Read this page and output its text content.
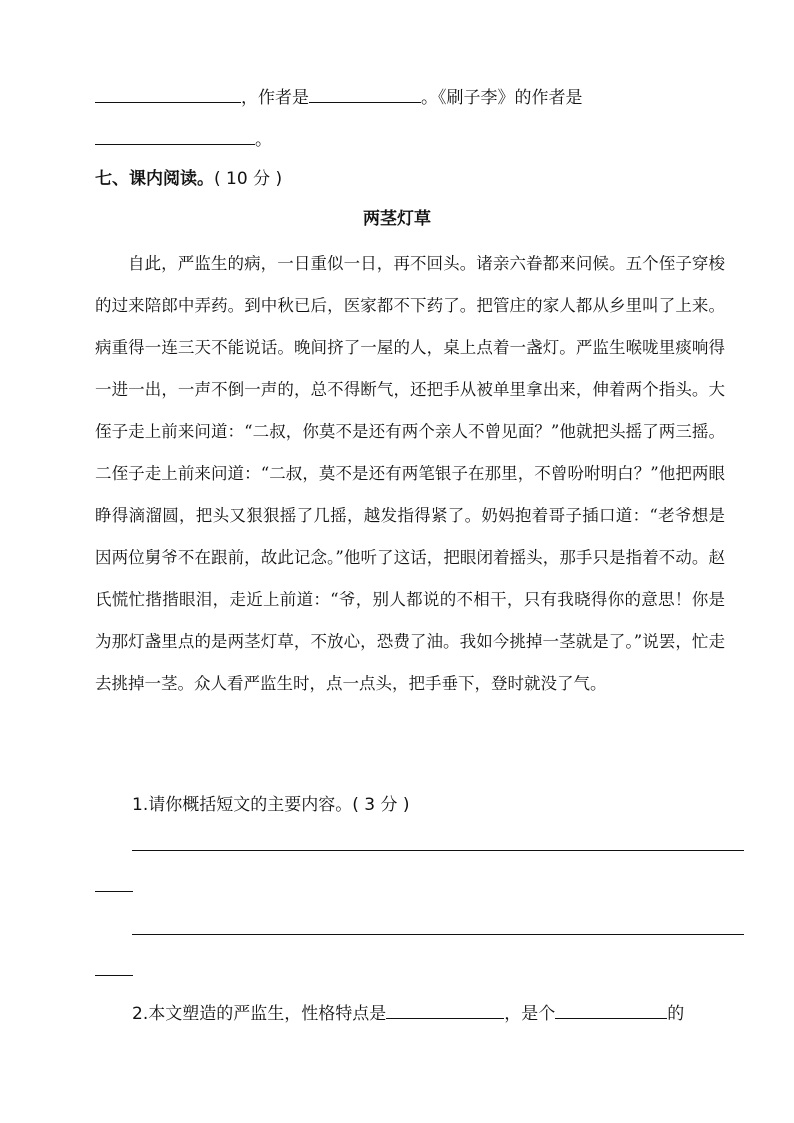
，作者是	。《刷子李》的作者是
。
七、课内阅读。( 10 分 )
两茎灯草

自此，严监生的病，一日重似一日，再不回头。诸亲六眷都来问候。五个侄子穿梭的过来陪郎中弄药。到中秋已后，医家都不下药了。把管庄的家人都从乡里叫了上来。病重得一连三天不能说话。晚间挤了一屋的人，桌上点着一盏灯。严监生喉咙里痰响得一进一出，一声不倒一声的，总不得断气，还把手从被单里拿出来，伸着两个指头。大侄子走上前来问道：“二叔，你莫不是还有两个亲人不曾见面？”他就把头摇了两三摇。二侄子走上前来问道：“二叔，莫不是还有两笔银子在那里，不曾吩咐明白？”他把两眼睁得滴溜圆，把头又狠狠摇了几摇，越发指得紧了。奶妈抱着哥子插口道：“老爷想是因两位舅爷不在跟前，故此记念。”他听了这话，把眼闭着摇头，那手只是指着不动。赵氏慌忙揩揩眼泪，走近上前道：“爷，别人都说的不相干，只有我晓得你的意思！你是为那灯盏里点的是两茎灯草，不放心，恐费了油。我如今挑掉一茎就是了。”说罢，忙走去挑掉一茎。众人看严监生时，点一点头，把手垂下，登时就没了气。

1.请你概括短文的主要内容。( 3 分 )
2.本文塑造的严监生，性格特点是	，是个	的
